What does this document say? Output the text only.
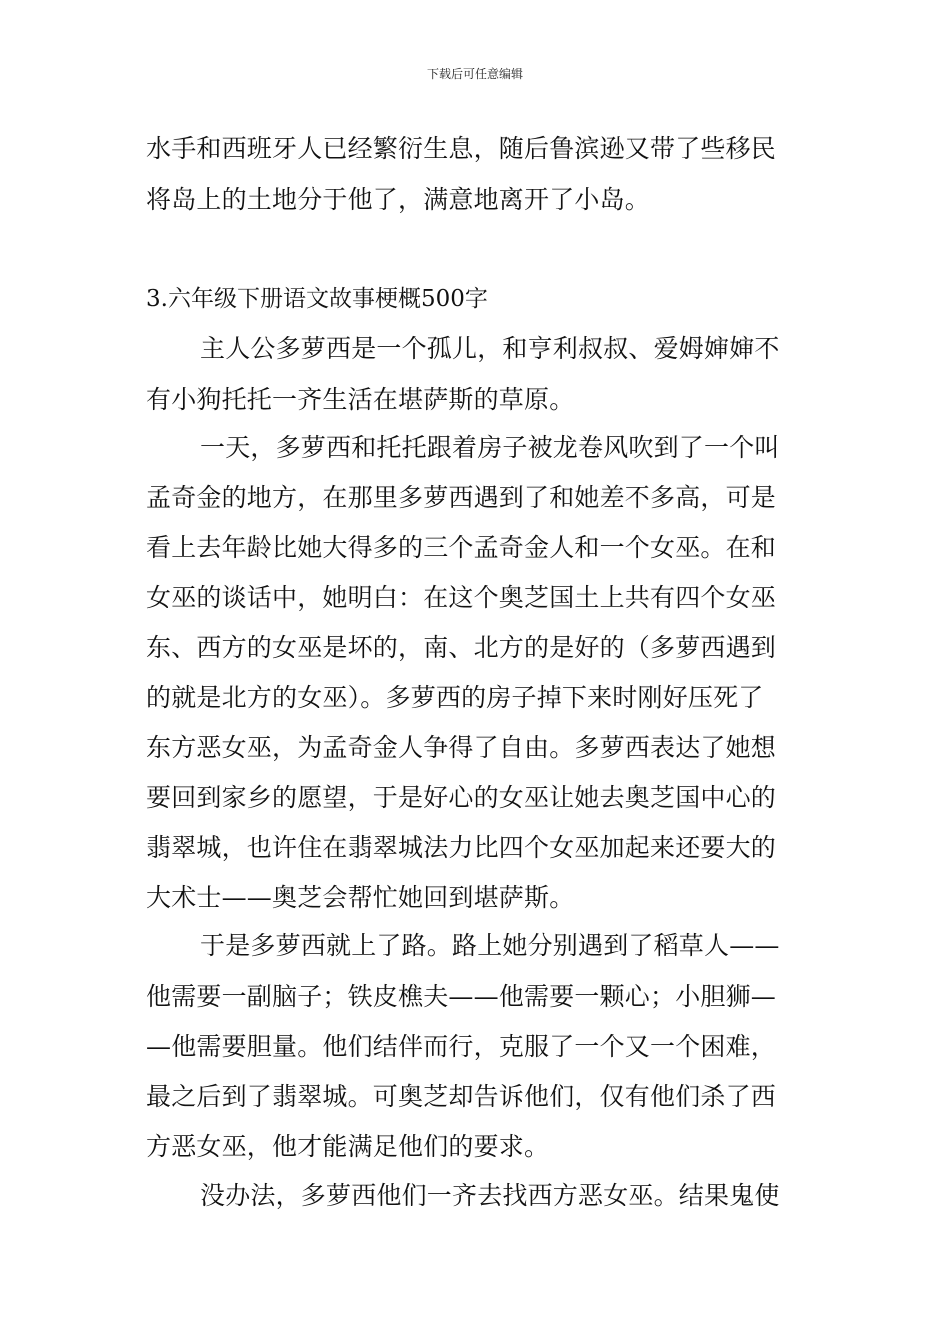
下载后可任意编辑
水手和西班牙人已经繁衍生息，随后鲁滨逊又带了些移民
将岛上的土地分于他了，满意地离开了小岛。
3.六年级下册语文故事梗概500字
主人公多萝西是一个孤儿，和亨利叔叔、爱姆婶婶不
有小狗托托一齐生活在堪萨斯的草原。
一天，多萝西和托托跟着房子被龙卷风吹到了一个叫
孟奇金的地方，在那里多萝西遇到了和她差不多高，可是
看上去年龄比她大得多的三个孟奇金人和一个女巫。在和
女巫的谈话中，她明白：在这个奥芝国土上共有四个女巫
东、西方的女巫是坏的，南、北方的是好的（多萝西遇到
的就是北方的女巫）。多萝西的房子掉下来时刚好压死了
东方恶女巫，为孟奇金人争得了自由。多萝西表达了她想
要回到家乡的愿望，于是好心的女巫让她去奥芝国中心的
翡翠城，也许住在翡翠城法力比四个女巫加起来还要大的
大术士——奥芝会帮忙她回到堪萨斯。
于是多萝西就上了路。路上她分别遇到了稻草人——
他需要一副脑子；铁皮樵夫——他需要一颗心；小胆狮—
—他需要胆量。他们结伴而行，克服了一个又一个困难，
最之后到了翡翠城。可奥芝却告诉他们，仅有他们杀了西
方恶女巫，他才能满足他们的要求。
没办法，多萝西他们一齐去找西方恶女巫。结果鬼使
